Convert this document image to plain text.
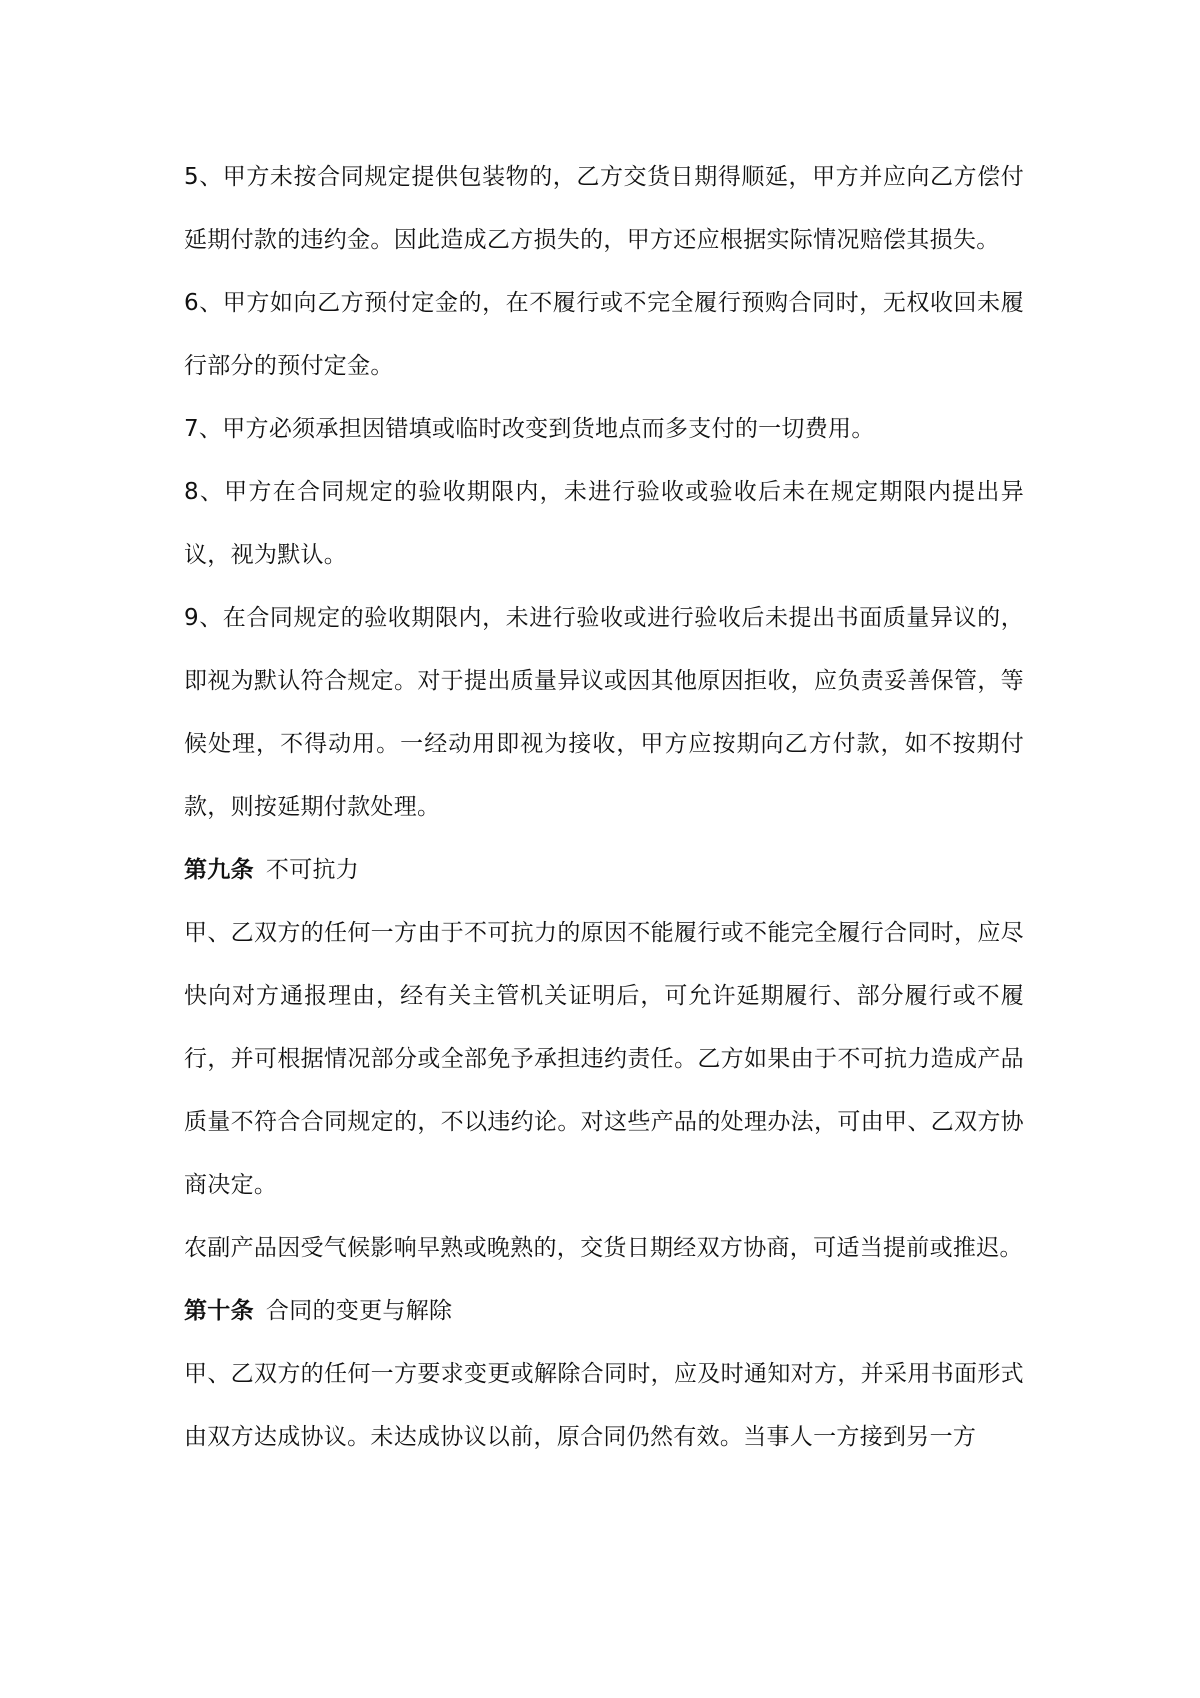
5、甲方未按合同规定提供包装物的，乙方交货日期得顺延，甲方并应向乙方偿付延期付款的违约金。因此造成乙方损失的，甲方还应根据实际情况赔偿其损失。

6、甲方如向乙方预付定金的，在不履行或不完全履行预购合同时，无权收回未履行部分的预付定金。

7、甲方必须承担因错填或临时改变到货地点而多支付的一切费用。

8、甲方在合同规定的验收期限内，未进行验收或验收后未在规定期限内提出异议，视为默认。

9、在合同规定的验收期限内，未进行验收或进行验收后未提出书面质量异议的，即视为默认符合规定。对于提出质量异议或因其他原因拒收，应负责妥善保管，等候处理，不得动用。一经动用即视为接收，甲方应按期向乙方付款，如不按期付款，则按延期付款处理。

第九条 不可抗力

甲、乙双方的任何一方由于不可抗力的原因不能履行或不能完全履行合同时，应尽快向对方通报理由，经有关主管机关证明后，可允许延期履行、部分履行或不履行，并可根据情况部分或全部免予承担违约责任。乙方如果由于不可抗力造成产品质量不符合合同规定的，不以违约论。对这些产品的处理办法，可由甲、乙双方协商决定。

农副产品因受气候影响早熟或晚熟的，交货日期经双方协商，可适当提前或推迟。

第十条 合同的变更与解除

甲、乙双方的任何一方要求变更或解除合同时，应及时通知对方，并采用书面形式由双方达成协议。未达成协议以前，原合同仍然有效。当事人一方接到另一方
